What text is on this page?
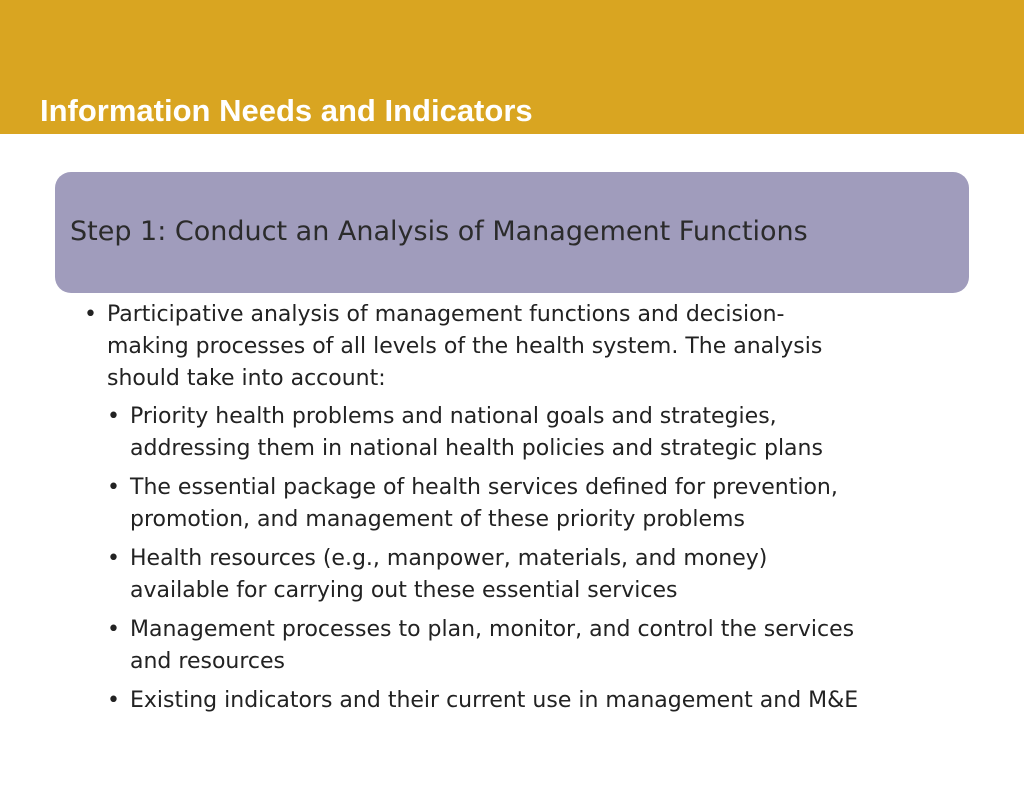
Information Needs and Indicators
Step 1: Conduct an Analysis of Management Functions
• Participative analysis of management functions and decision-
making processes of all levels of the health system. The analysis
should take into account:
• Priority health problems and national goals and strategies,
addressing them in national health policies and strategic plans
• The essential package of health services defined for prevention,
promotion, and management of these priority problems
• Health resources (e.g., manpower, materials, and money)
available for carrying out these essential services
• Management processes to plan, monitor, and control the services
and resources
• Existing indicators and their current use in management and M&E
